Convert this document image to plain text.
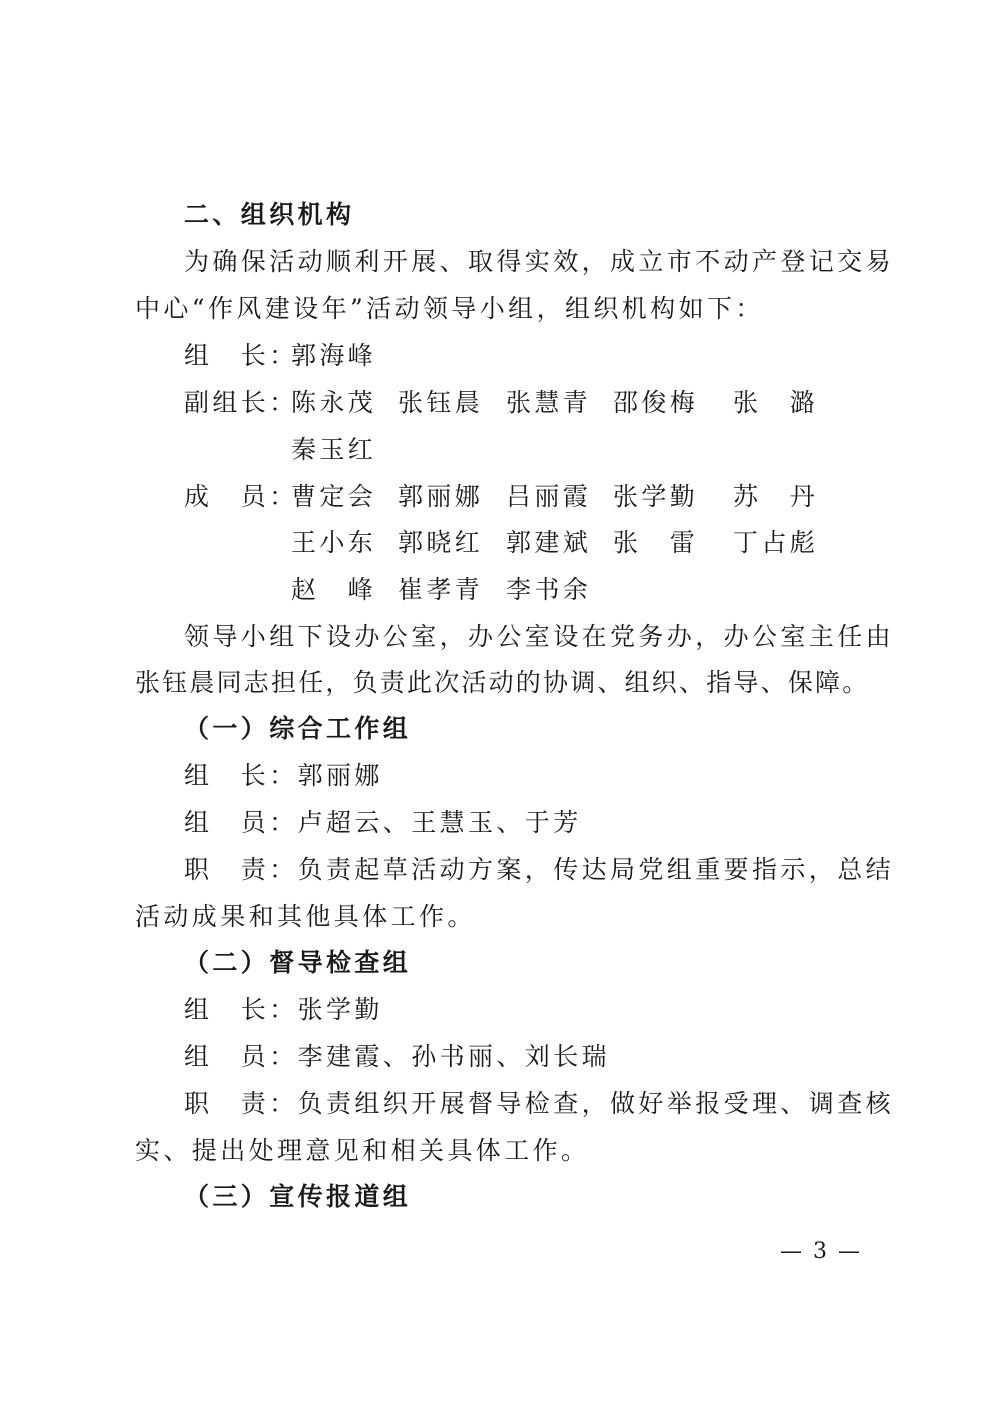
二、组织机构
为确保活动顺利开展、取得实效，成立市不动产登记交易
中心“作风建设年”活动领导小组，组织机构如下：
组　长：
郭海峰
副组长：
陈永茂 张钰晨 张慧青 邵俊梅 张　潞
秦玉红
成　员：
曹定会 郭丽娜 吕丽霞 张学勤 苏　丹
王小东 郭晓红 郭建斌 张　雷 丁占彪
赵　峰 崔孝青 李书余
领导小组下设办公室，办公室设在党务办，办公室主任由
张钰晨同志担任，负责此次活动的协调、组织、指导、保障。
（一）综合工作组
组　长：郭丽娜
组　员：卢超云、王慧玉、于芳
职　责：负责起草活动方案，传达局党组重要指示，总结
活动成果和其他具体工作。
（二）督导检查组
组　长：张学勤
组　员：李建霞、孙书丽、刘长瑞
职　责：负责组织开展督导检查，做好举报受理、调查核
实、提出处理意见和相关具体工作。
（三）宣传报道组
— 3 —
